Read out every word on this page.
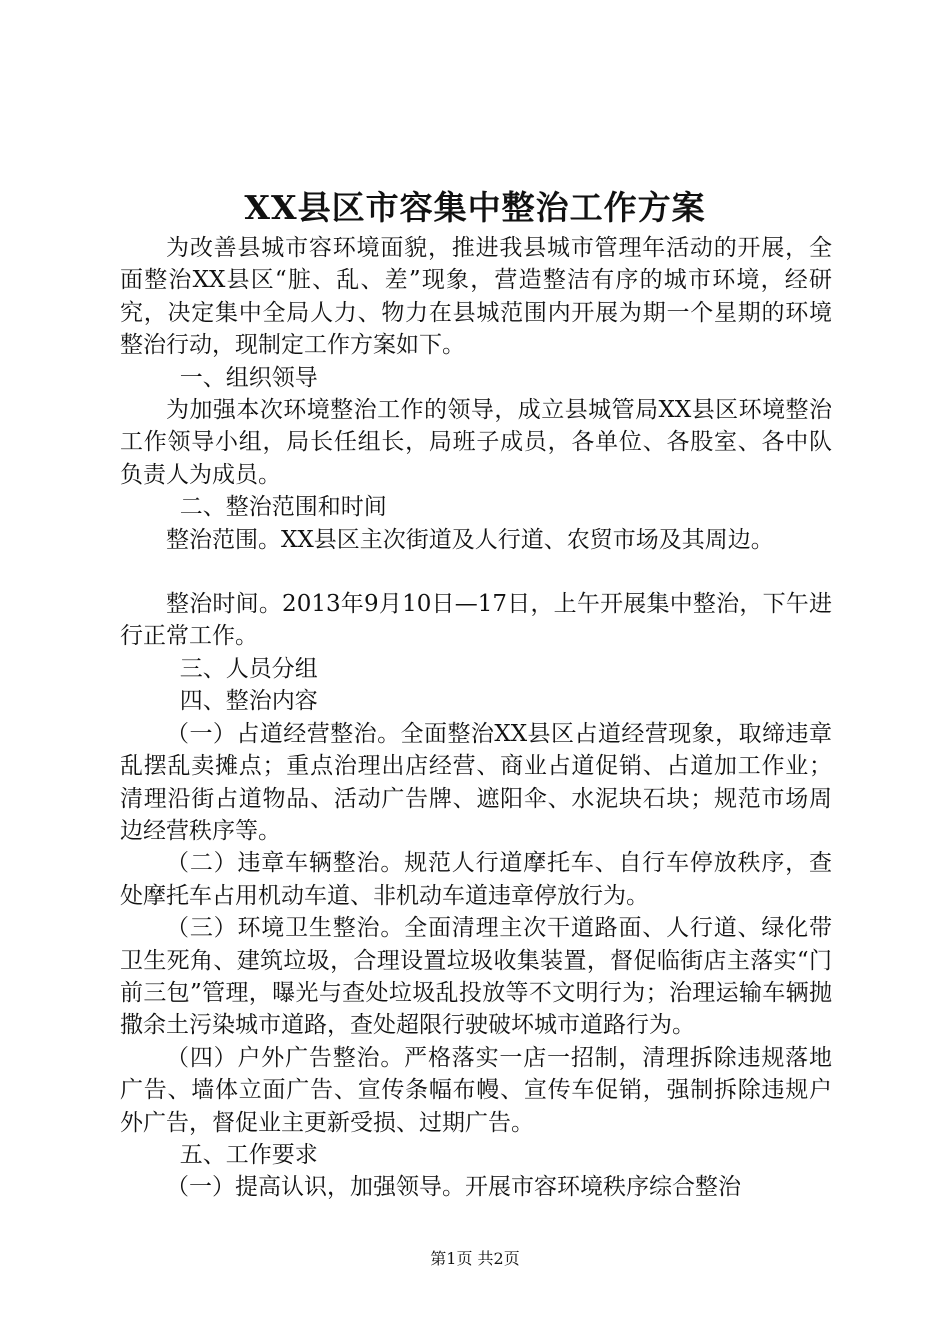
XX县区市容集中整治工作方案

为改善县城市容环境面貌，推进我县城市管理年活动的开展，全面整治XX县区“脏、乱、差”现象，营造整洁有序的城市环境，经研究，决定集中全局人力、物力在县城范围内开展为期一个星期的环境整治行动，现制定工作方案如下。

一、组织领导

为加强本次环境整治工作的领导，成立县城管局XX县区环境整治工作领导小组，局长任组长，局班子成员，各单位、各股室、各中队负责人为成员。

二、整治范围和时间

整治范围。XX县区主次街道及人行道、农贸市场及其周边。

整治时间。2013年9月10日—17日，上午开展集中整治，下午进行正常工作。

三、人员分组

四、整治内容

（一）占道经营整治。全面整治XX县区占道经营现象，取缔违章乱摆乱卖摊点；重点治理出店经营、商业占道促销、占道加工作业；清理沿街占道物品、活动广告牌、遮阳伞、水泥块石块；规范市场周边经营秩序等。

（二）违章车辆整治。规范人行道摩托车、自行车停放秩序，查处摩托车占用机动车道、非机动车道违章停放行为。

（三）环境卫生整治。全面清理主次干道路面、人行道、绿化带卫生死角、建筑垃圾，合理设置垃圾收集装置，督促临街店主落实“门前三包”管理，曝光与查处垃圾乱投放等不文明行为；治理运输车辆抛撒余土污染城市道路，查处超限行驶破坏城市道路行为。

（四）户外广告整治。严格落实一店一招制，清理拆除违规落地广告、墙体立面广告、宣传条幅布幔、宣传车促销，强制拆除违规户外广告，督促业主更新受损、过期广告。

五、工作要求

（一）提高认识，加强领导。开展市容环境秩序综合整治

第1页 共2页
